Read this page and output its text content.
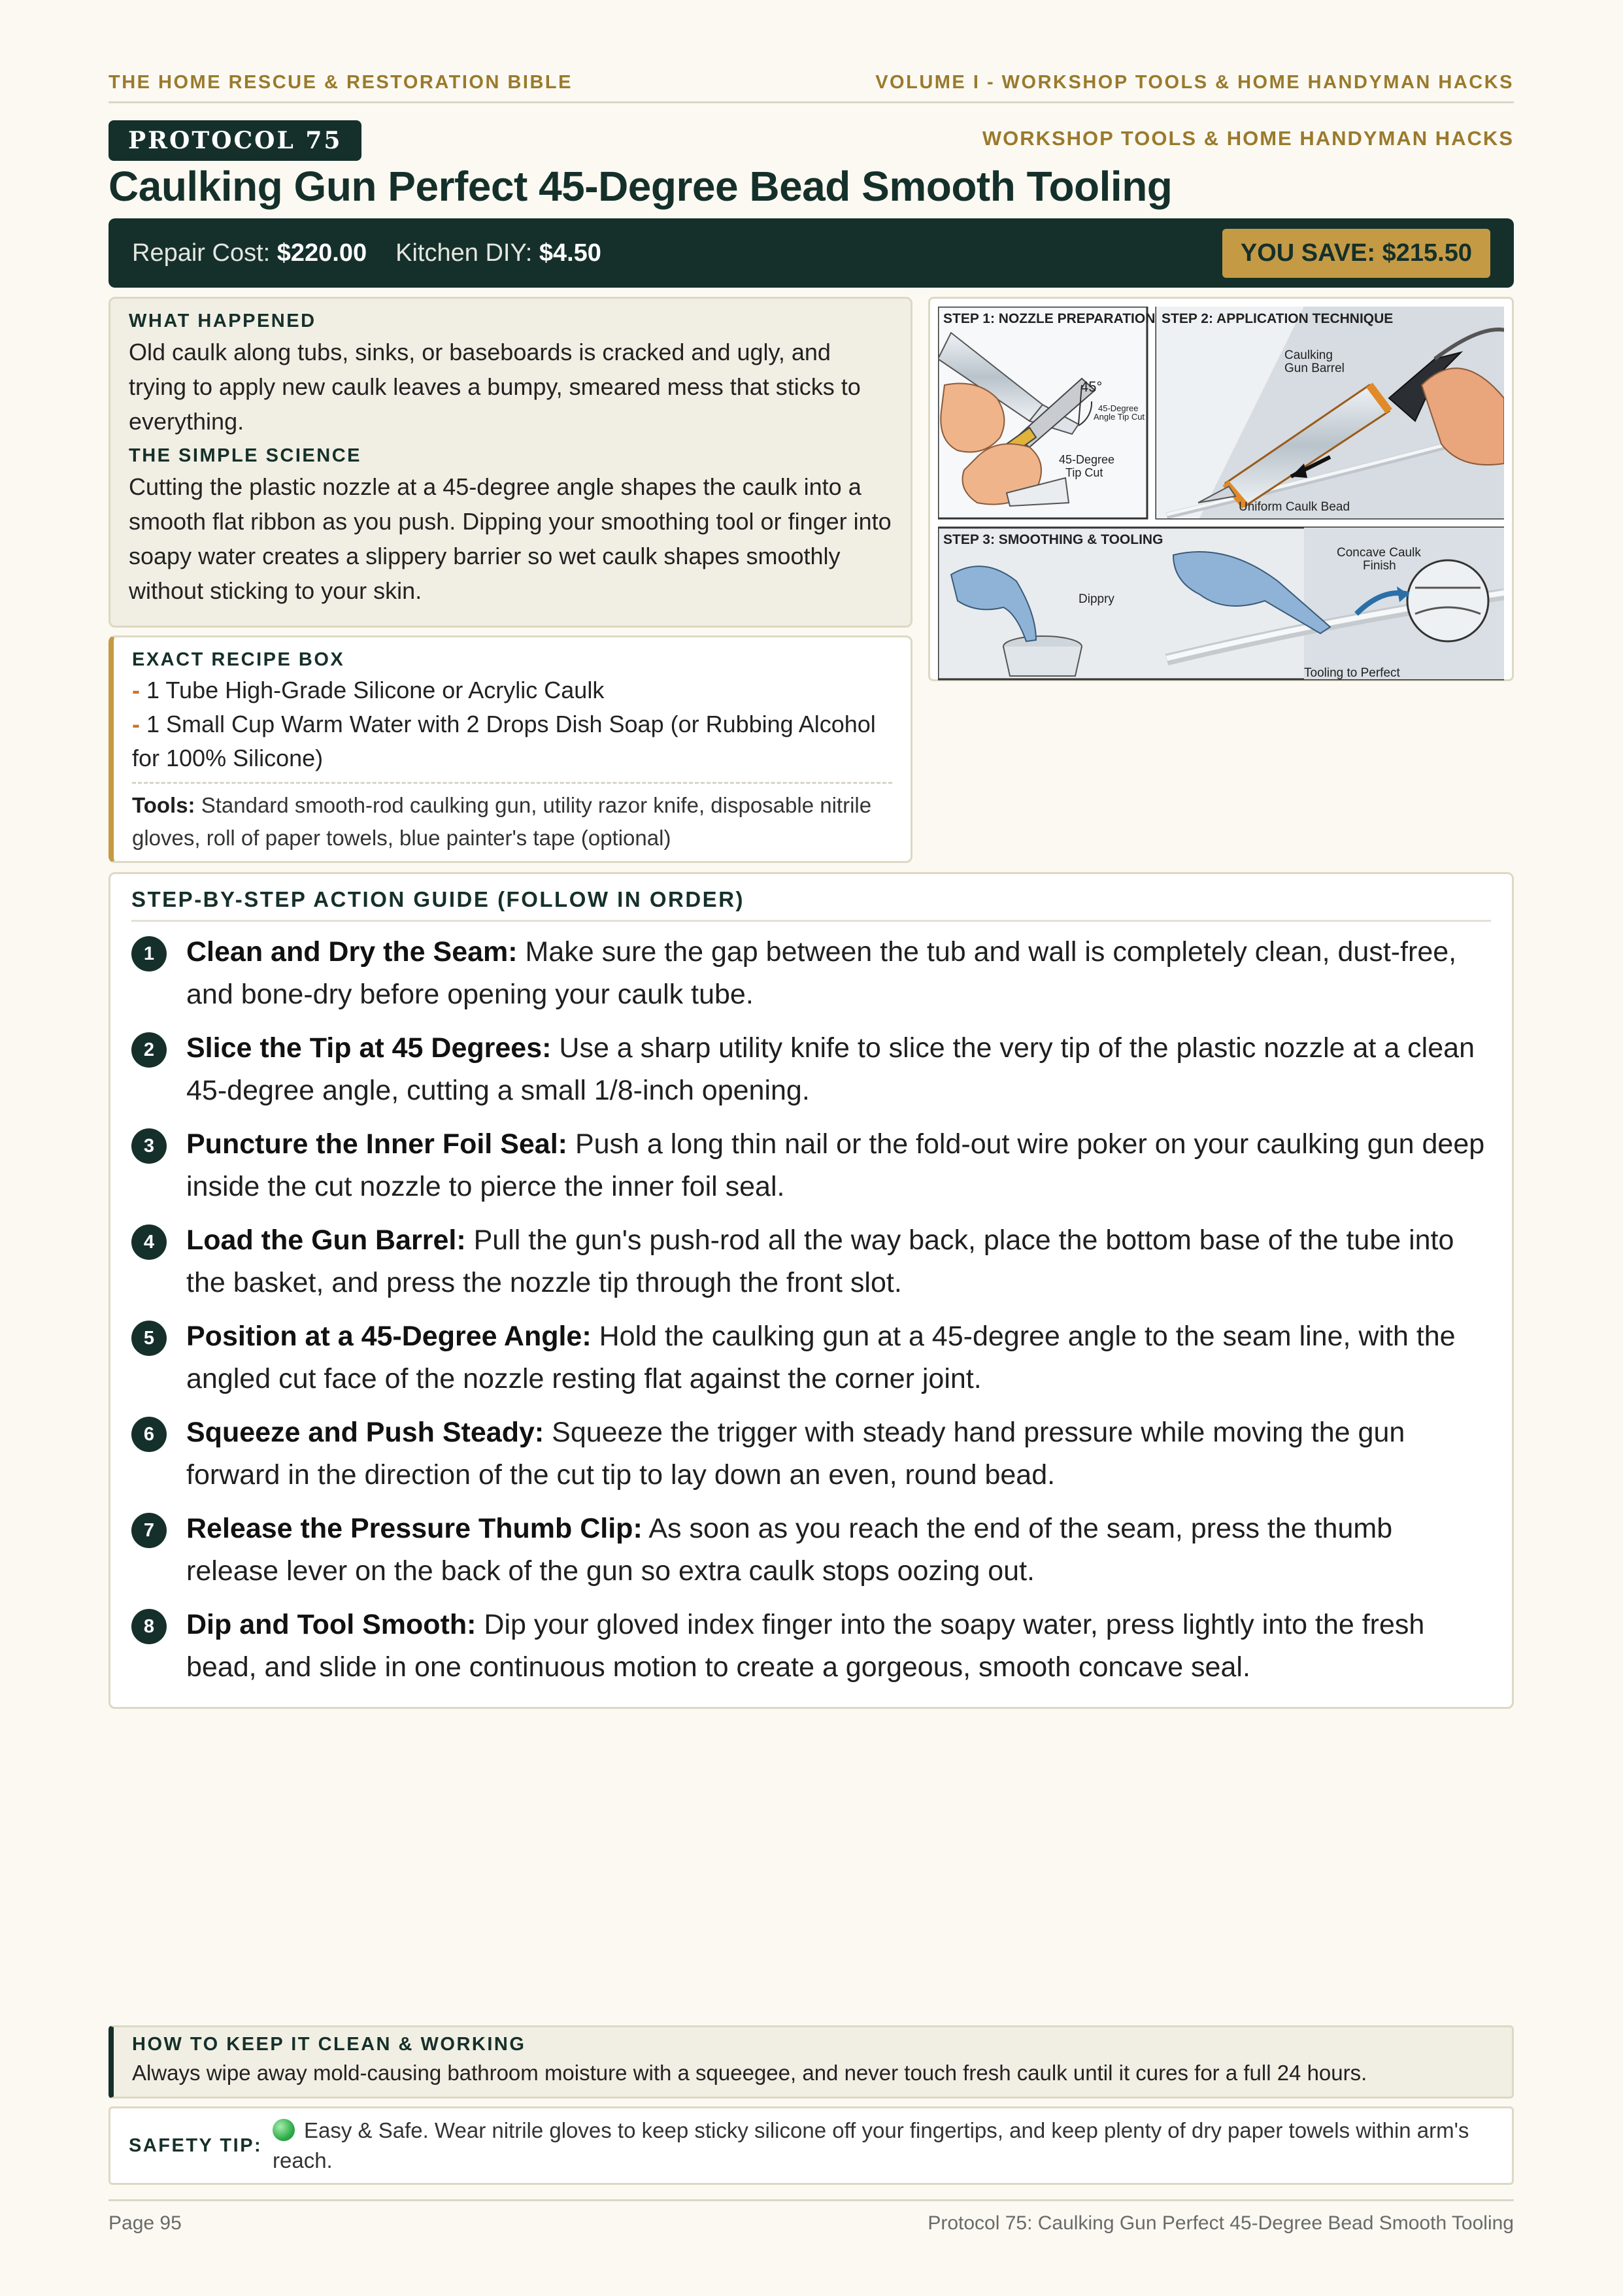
THE HOME RESCUE & RESTORATION BIBLE	VOLUME I - WORKSHOP TOOLS & HOME HANDYMAN HACKS
PROTOCOL 75	WORKSHOP TOOLS & HOME HANDYMAN HACKS
Caulking Gun Perfect 45-Degree Bead Smooth Tooling
Repair Cost: $220.00 Kitchen DIY: $4.50	YOU SAVE: $215.50
WHAT HAPPENED
Old caulk along tubs, sinks, or baseboards is cracked and ugly, and trying to apply new caulk leaves a bumpy, smeared mess that sticks to everything.
THE SIMPLE SCIENCE
Cutting the plastic nozzle at a 45-degree angle shapes the caulk into a smooth flat ribbon as you push. Dipping your smoothing tool or finger into soapy water creates a slippery barrier so wet caulk shapes smoothly without sticking to your skin.
STEP 1: NOZZLE PREPARATION
45°
45-Degree
Angle Tip Cut
45-Degree
Tip Cut
STEP 2: APPLICATION TECHNIQUE
Caulking
Gun Barrel
Uniform Caulk Bead
STEP 3: SMOOTHING & TOOLING
Dippry
Concave Caulk
Finish
Tooling to Perfect
EXACT RECIPE BOX
- 1 Tube High-Grade Silicone or Acrylic Caulk
- 1 Small Cup Warm Water with 2 Drops Dish Soap (or Rubbing Alcohol for 100% Silicone)
Tools: Standard smooth-rod caulking gun, utility razor knife, disposable nitrile gloves, roll of paper towels, blue painter's tape (optional)
STEP-BY-STEP ACTION GUIDE (FOLLOW IN ORDER)
1	Clean and Dry the Seam: Make sure the gap between the tub and wall is completely clean, dust-free, and bone-dry before opening your caulk tube.
2	Slice the Tip at 45 Degrees: Use a sharp utility knife to slice the very tip of the plastic nozzle at a clean 45-degree angle, cutting a small 1/8-inch opening.
3	Puncture the Inner Foil Seal: Push a long thin nail or the fold-out wire poker on your caulking gun deep inside the cut nozzle to pierce the inner foil seal.
4	Load the Gun Barrel: Pull the gun's push-rod all the way back, place the bottom base of the tube into the basket, and press the nozzle tip through the front slot.
5	Position at a 45-Degree Angle: Hold the caulking gun at a 45-degree angle to the seam line, with the angled cut face of the nozzle resting flat against the corner joint.
6	Squeeze and Push Steady: Squeeze the trigger with steady hand pressure while moving the gun forward in the direction of the cut tip to lay down an even, round bead.
7	Release the Pressure Thumb Clip: As soon as you reach the end of the seam, press the thumb release lever on the back of the gun so extra caulk stops oozing out.
8	Dip and Tool Smooth: Dip your gloved index finger into the soapy water, press lightly into the fresh bead, and slide in one continuous motion to create a gorgeous, smooth concave seal.
HOW TO KEEP IT CLEAN & WORKING
Always wipe away mold-causing bathroom moisture with a squeegee, and never touch fresh caulk until it cures for a full 24 hours.
SAFETY TIP:
Easy & Safe. Wear nitrile gloves to keep sticky silicone off your fingertips, and keep plenty of dry paper towels within arm's reach.
Page 95	Protocol 75: Caulking Gun Perfect 45-Degree Bead Smooth Tooling
